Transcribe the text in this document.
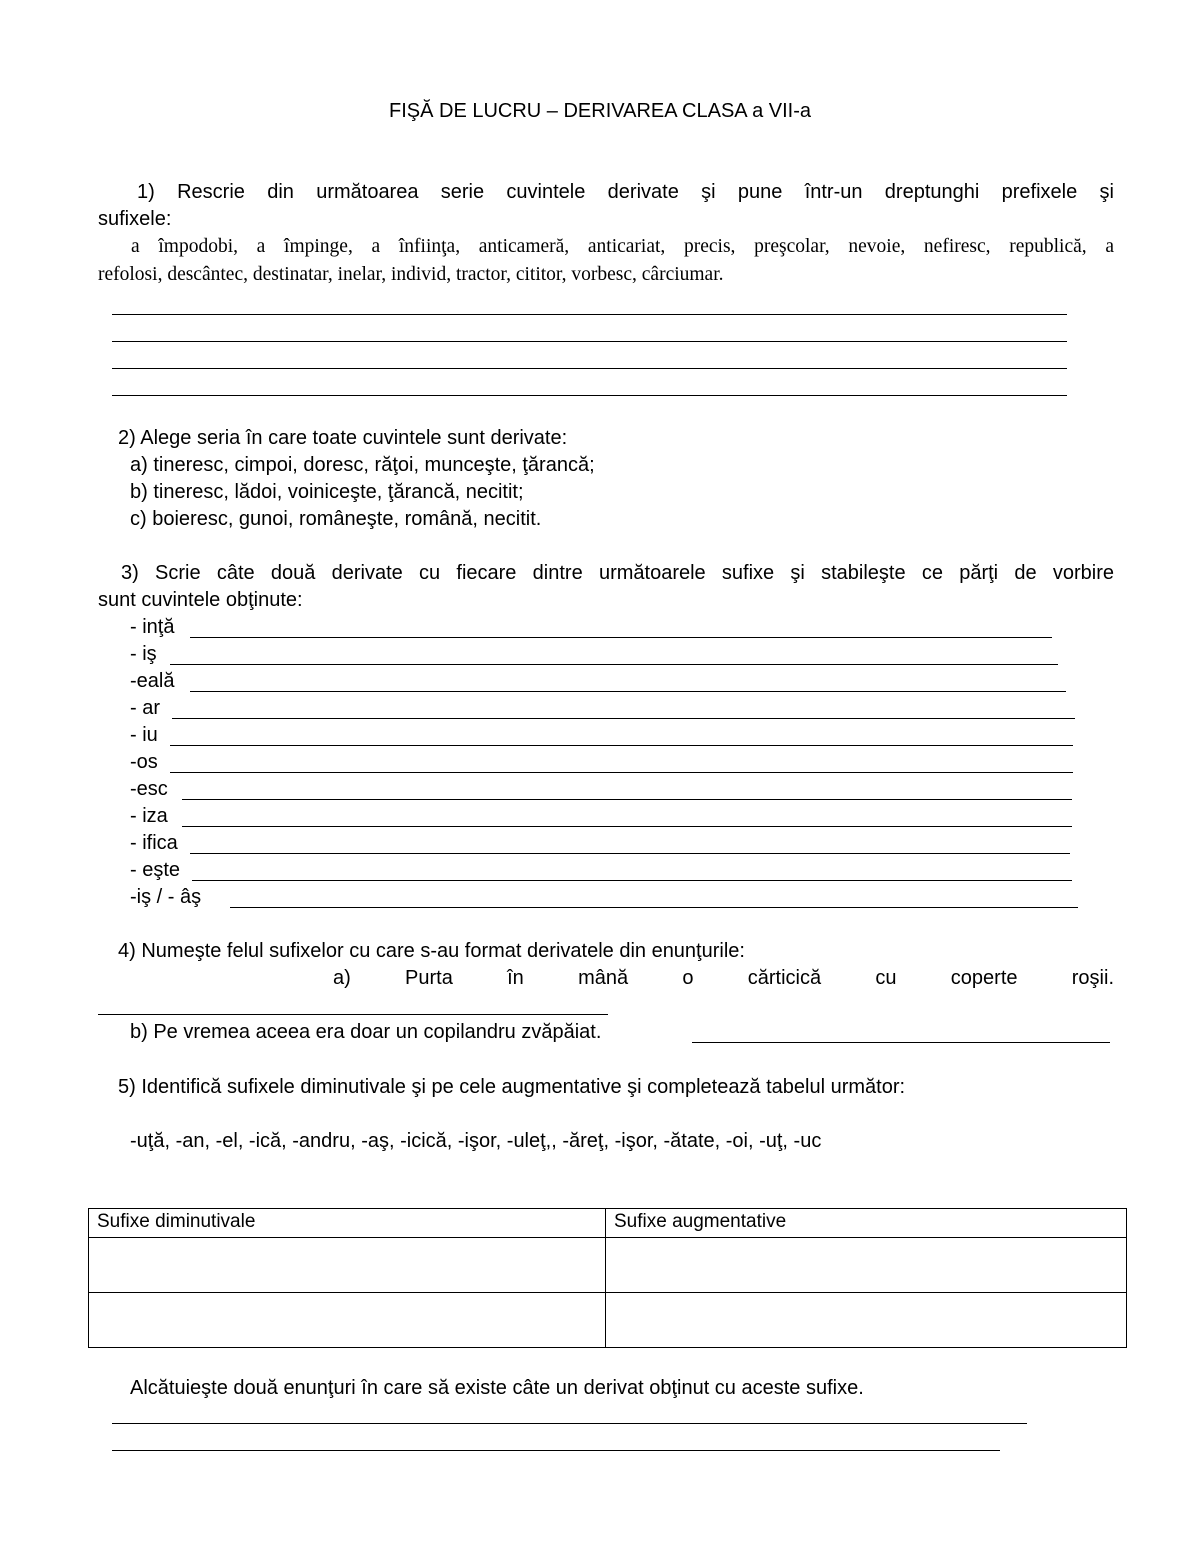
FIŞĂ DE LUCRU – DERIVAREA CLASA a VII-a
1) Rescrie din următoarea serie cuvintele derivate şi pune într-un dreptunghi prefixele şi
sufixele:
a împodobi, a împinge, a înfiinţa, anticameră, anticariat, precis, preşcolar, nevoie, nefiresc, republică, a
refolosi, descântec, destinatar, inelar, individ, tractor, cititor, vorbesc, cârciumar.
2) Alege seria în care toate cuvintele sunt derivate:
a) tineresc, cimpoi, doresc, răţoi, munceşte, ţărancă;
b) tineresc, lădoi, voiniceşte, ţărancă, necitit;
c) boieresc, gunoi, româneşte, română, necitit.
3) Scrie câte două derivate cu fiecare dintre următoarele sufixe şi stabileşte ce părţi de vorbire
sunt cuvintele obţinute:
- inţă
- iş
-eală
- ar
- iu
-os
-esc
- iza
- ifica
- eşte
-iş / - âş
4) Numeşte felul sufixelor cu care s-au format derivatele din enunţurile:
a) Purta în mână o cărticică cu coperte roşii.
b) Pe vremea aceea era doar un copilandru zvăpăiat.
5) Identifică sufixele diminutivale şi pe cele augmentative şi completează tabelul următor:
-uţă, -an, -el, -ică, -andru, -aş, -icică, -işor, -uleţ,, -ăreţ, -işor, -ătate, -oi, -uţ, -uc
Sufixe diminutivale	Sufixe augmentative

Alcătuieşte două enunţuri în care să existe câte un derivat obţinut cu aceste sufixe.
